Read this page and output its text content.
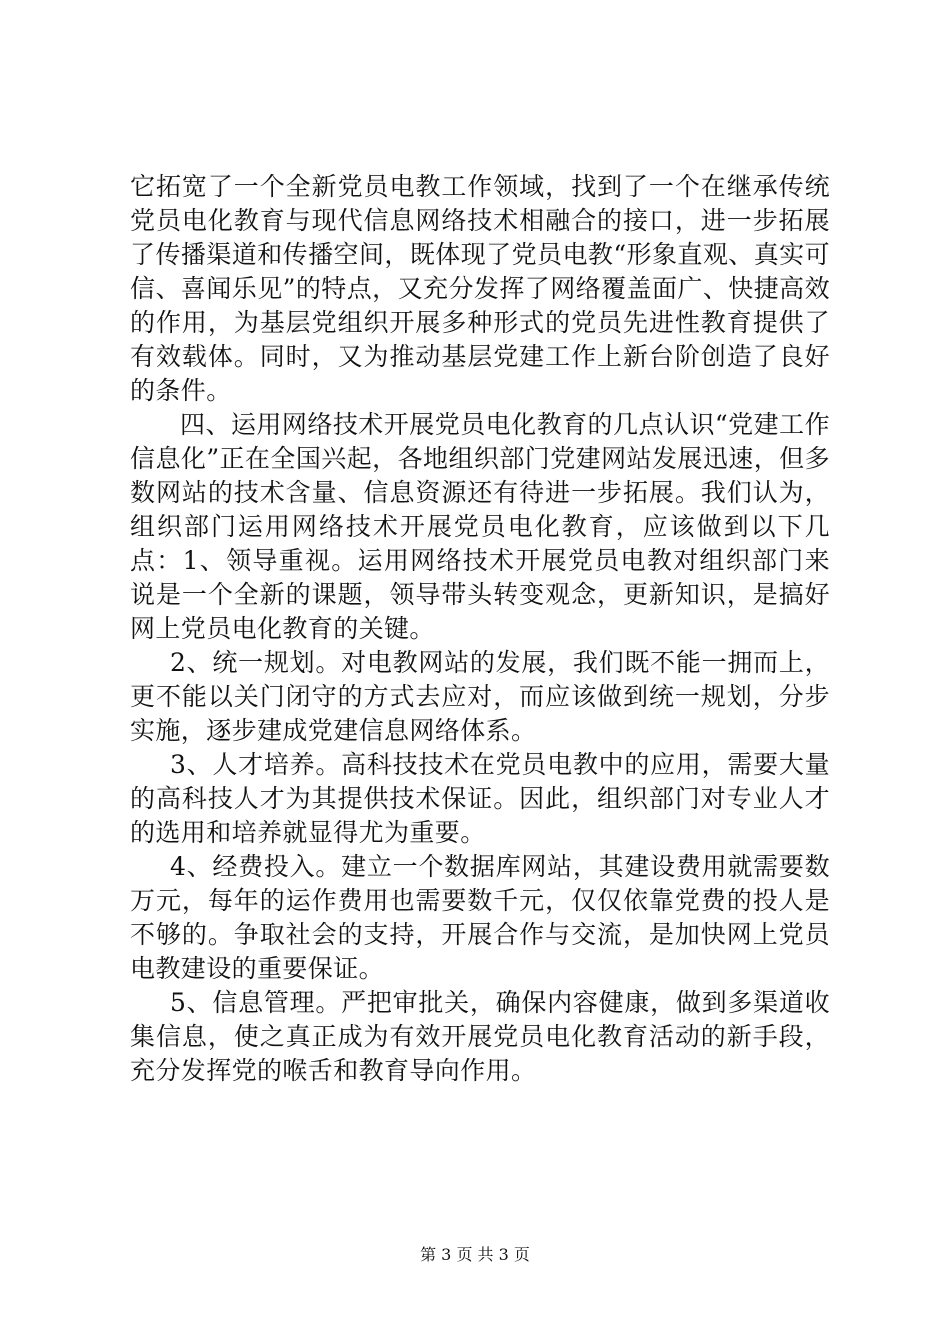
它拓宽了一个全新党员电教工作领域，找到了一个在继承传统党员电化教育与现代信息网络技术相融合的接口，进一步拓展了传播渠道和传播空间，既体现了党员电教“形象直观、真实可信、喜闻乐见”的特点，又充分发挥了网络覆盖面广、快捷高效的作用，为基层党组织开展多种形式的党员先进性教育提供了有效载体。同时，又为推动基层党建工作上新台阶创造了良好的条件。

四、运用网络技术开展党员电化教育的几点认识“党建工作信息化”正在全国兴起，各地组织部门党建网站发展迅速，但多数网站的技术含量、信息资源还有待进一步拓展。我们认为，组织部门运用网络技术开展党员电化教育，应该做到以下几点：1、领导重视。运用网络技术开展党员电教对组织部门来说是一个全新的课题，领导带头转变观念，更新知识，是搞好网上党员电化教育的关键。

2、统一规划。对电教网站的发展，我们既不能一拥而上，更不能以关门闭守的方式去应对，而应该做到统一规划，分步实施，逐步建成党建信息网络体系。

3、人才培养。高科技技术在党员电教中的应用，需要大量的高科技人才为其提供技术保证。因此，组织部门对专业人才的选用和培养就显得尤为重要。

4、经费投入。建立一个数据库网站，其建设费用就需要数万元，每年的运作费用也需要数千元，仅仅依靠党费的投人是不够的。争取社会的支持，开展合作与交流，是加快网上党员电教建设的重要保证。

5、信息管理。严把审批关，确保内容健康，做到多渠道收集信息，使之真正成为有效开展党员电化教育活动的新手段，充分发挥党的喉舌和教育导向作用。

第 3 页 共 3 页
